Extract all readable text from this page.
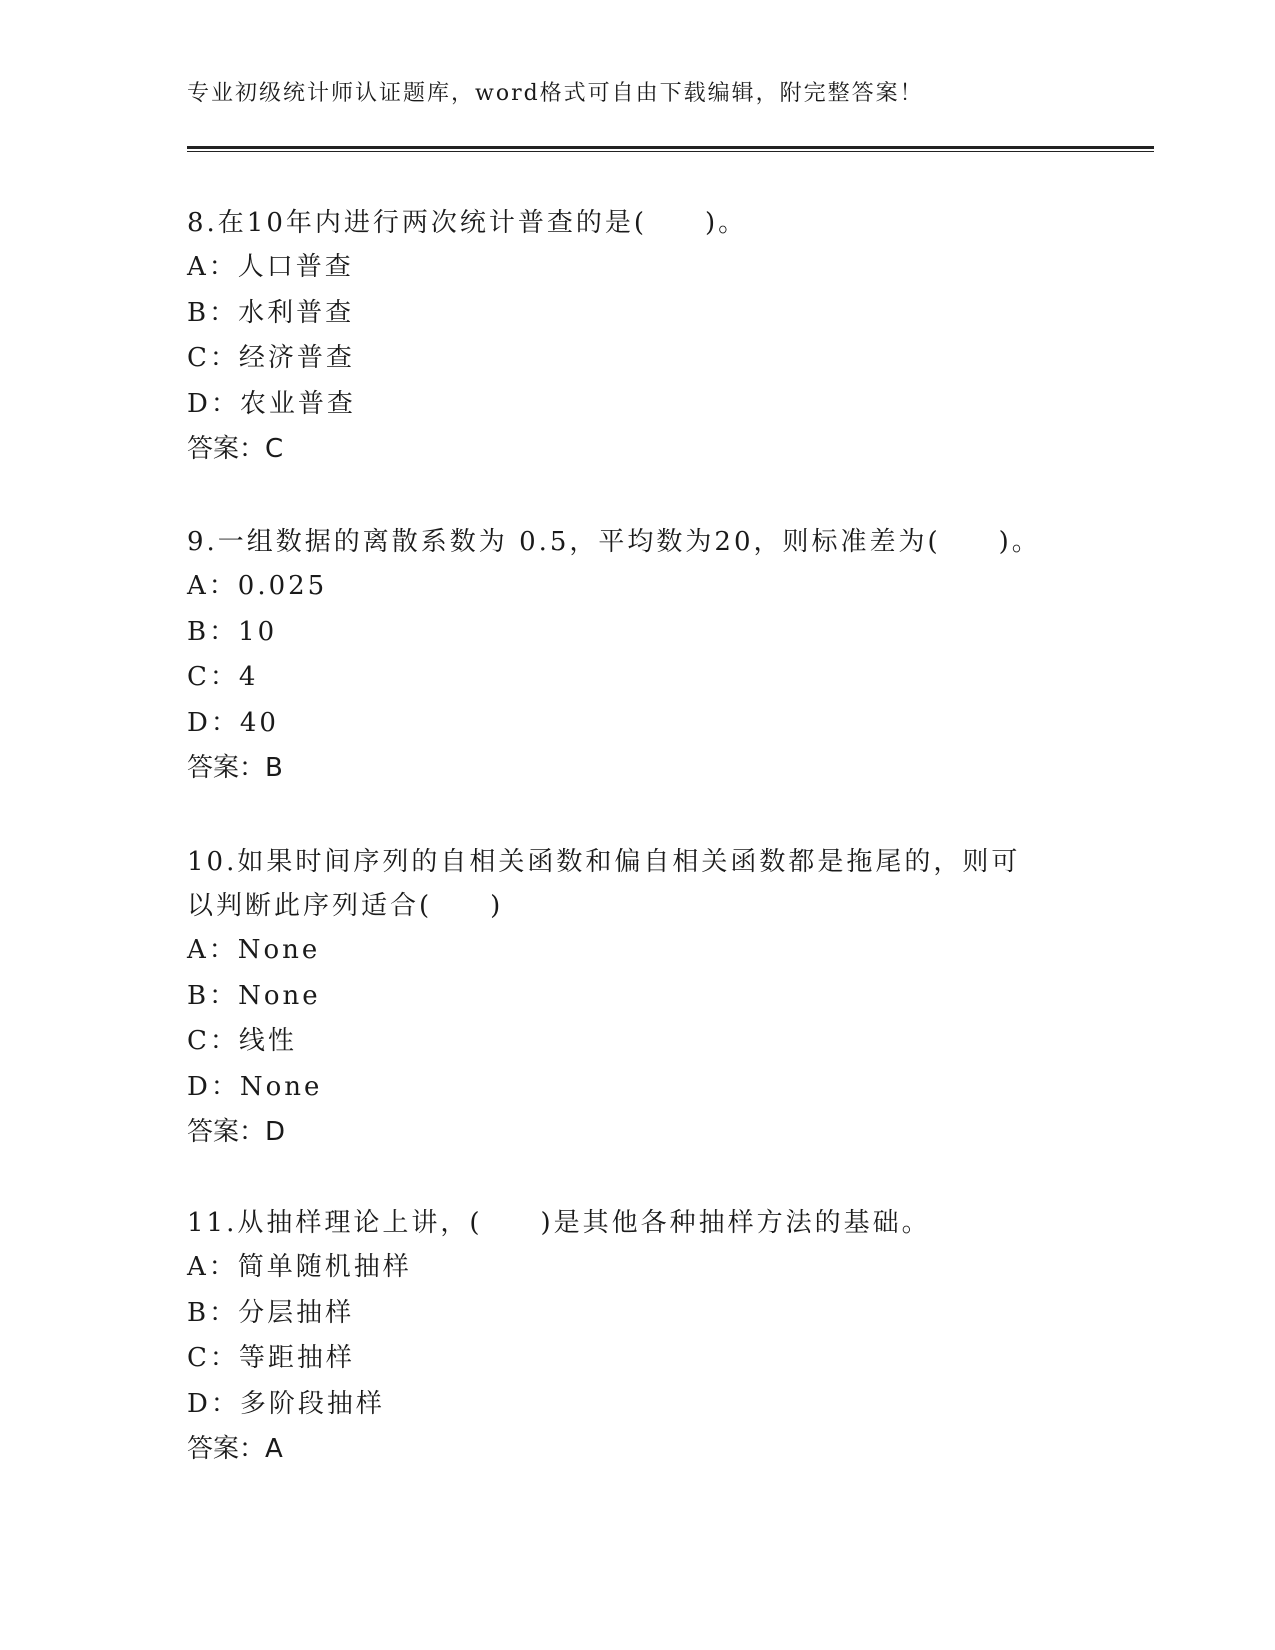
专业初级统计师认证题库，word格式可自由下载编辑，附完整答案！

8.在10年内进行两次统计普查的是(　　)。

A：人口普查

B：水利普查

C：经济普查

D：农业普查

答案：C

9.一组数据的离散系数为 0.5，平均数为20，则标准差为(　　)。

A：0.025

B：10

C：4

D：40

答案：B

10.如果时间序列的自相关函数和偏自相关函数都是拖尾的，则可以判断此序列适合(　　)

A：None

B：None

C：线性

D：None

答案：D

11.从抽样理论上讲，(　　)是其他各种抽样方法的基础。

A：简单随机抽样

B：分层抽样

C：等距抽样

D：多阶段抽样

答案：A
